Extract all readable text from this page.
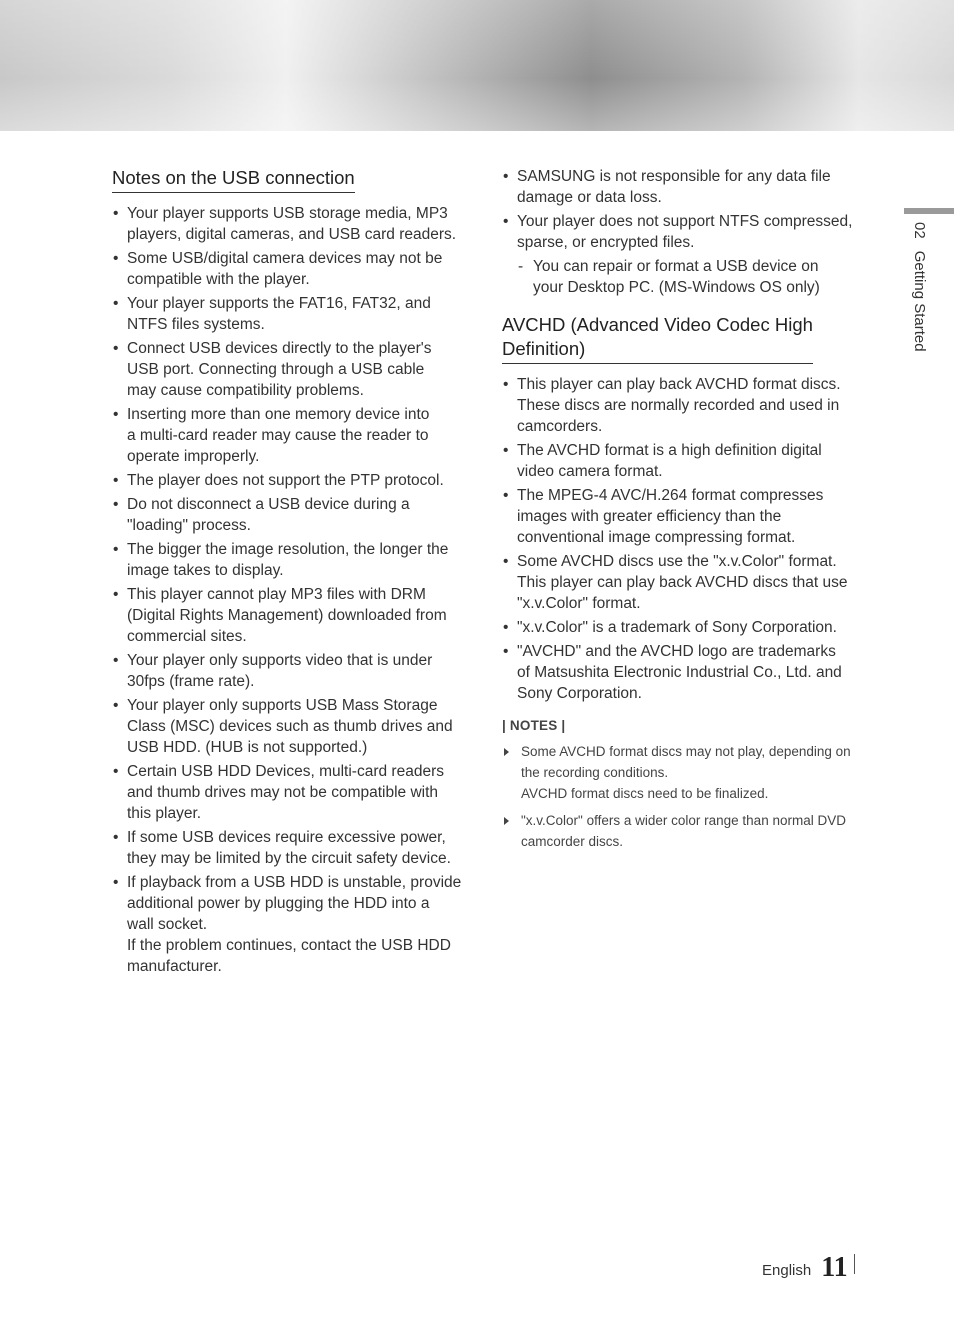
Notes on the USB connection
• Your player supports USB storage media, MP3
players, digital cameras, and USB card readers.
• Some USB/digital camera devices may not be
compatible with the player.
• Your player supports the FAT16, FAT32, and
NTFS files systems.
• Connect USB devices directly to the player's
USB port. Connecting through a USB cable
may cause compatibility problems.
• Inserting more than one memory device into
a multi-card reader may cause the reader to
operate improperly.
• The player does not support the PTP protocol.
• Do not disconnect a USB device during a
"loading" process.
• The bigger the image resolution, the longer the
image takes to display.
• This player cannot play MP3 files with DRM
(Digital Rights Management) downloaded from
commercial sites.
• Your player only supports video that is under
30fps (frame rate).
• Your player only supports USB Mass Storage
Class (MSC) devices such as thumb drives and
USB HDD. (HUB is not supported.)
• Certain USB HDD Devices, multi-card readers
and thumb drives may not be compatible with
this player.
• If some USB devices require excessive power,
they may be limited by the circuit safety device.
• If playback from a USB HDD is unstable, provide
additional power by plugging the HDD into a
wall socket.
If the problem continues, contact the USB HDD
manufacturer.
• SAMSUNG is not responsible for any data file
damage or data loss.
• Your player does not support NTFS compressed,
sparse, or encrypted files.
- You can repair or format a USB device on
your Desktop PC. (MS-Windows OS only)
AVCHD (Advanced Video Codec High
Definition)
• This player can play back AVCHD format discs.
These discs are normally recorded and used in
camcorders.
• The AVCHD format is a high definition digital
video camera format.
• The MPEG-4 AVC/H.264 format compresses
images with greater efficiency than the
conventional image compressing format.
• Some AVCHD discs use the "x.v.Color" format.
This player can play back AVCHD discs that use
"x.v.Color" format.
• "x.v.Color" is a trademark of Sony Corporation.
• "AVCHD" and the AVCHD logo are trademarks
of Matsushita Electronic Industrial Co., Ltd. and
Sony Corporation.
| NOTES |
Some AVCHD format discs may not play, depending on
the recording conditions.
AVCHD format discs need to be finalized.
"x.v.Color" offers a wider color range than normal DVD
camcorder discs.
02Getting Started
English 11
